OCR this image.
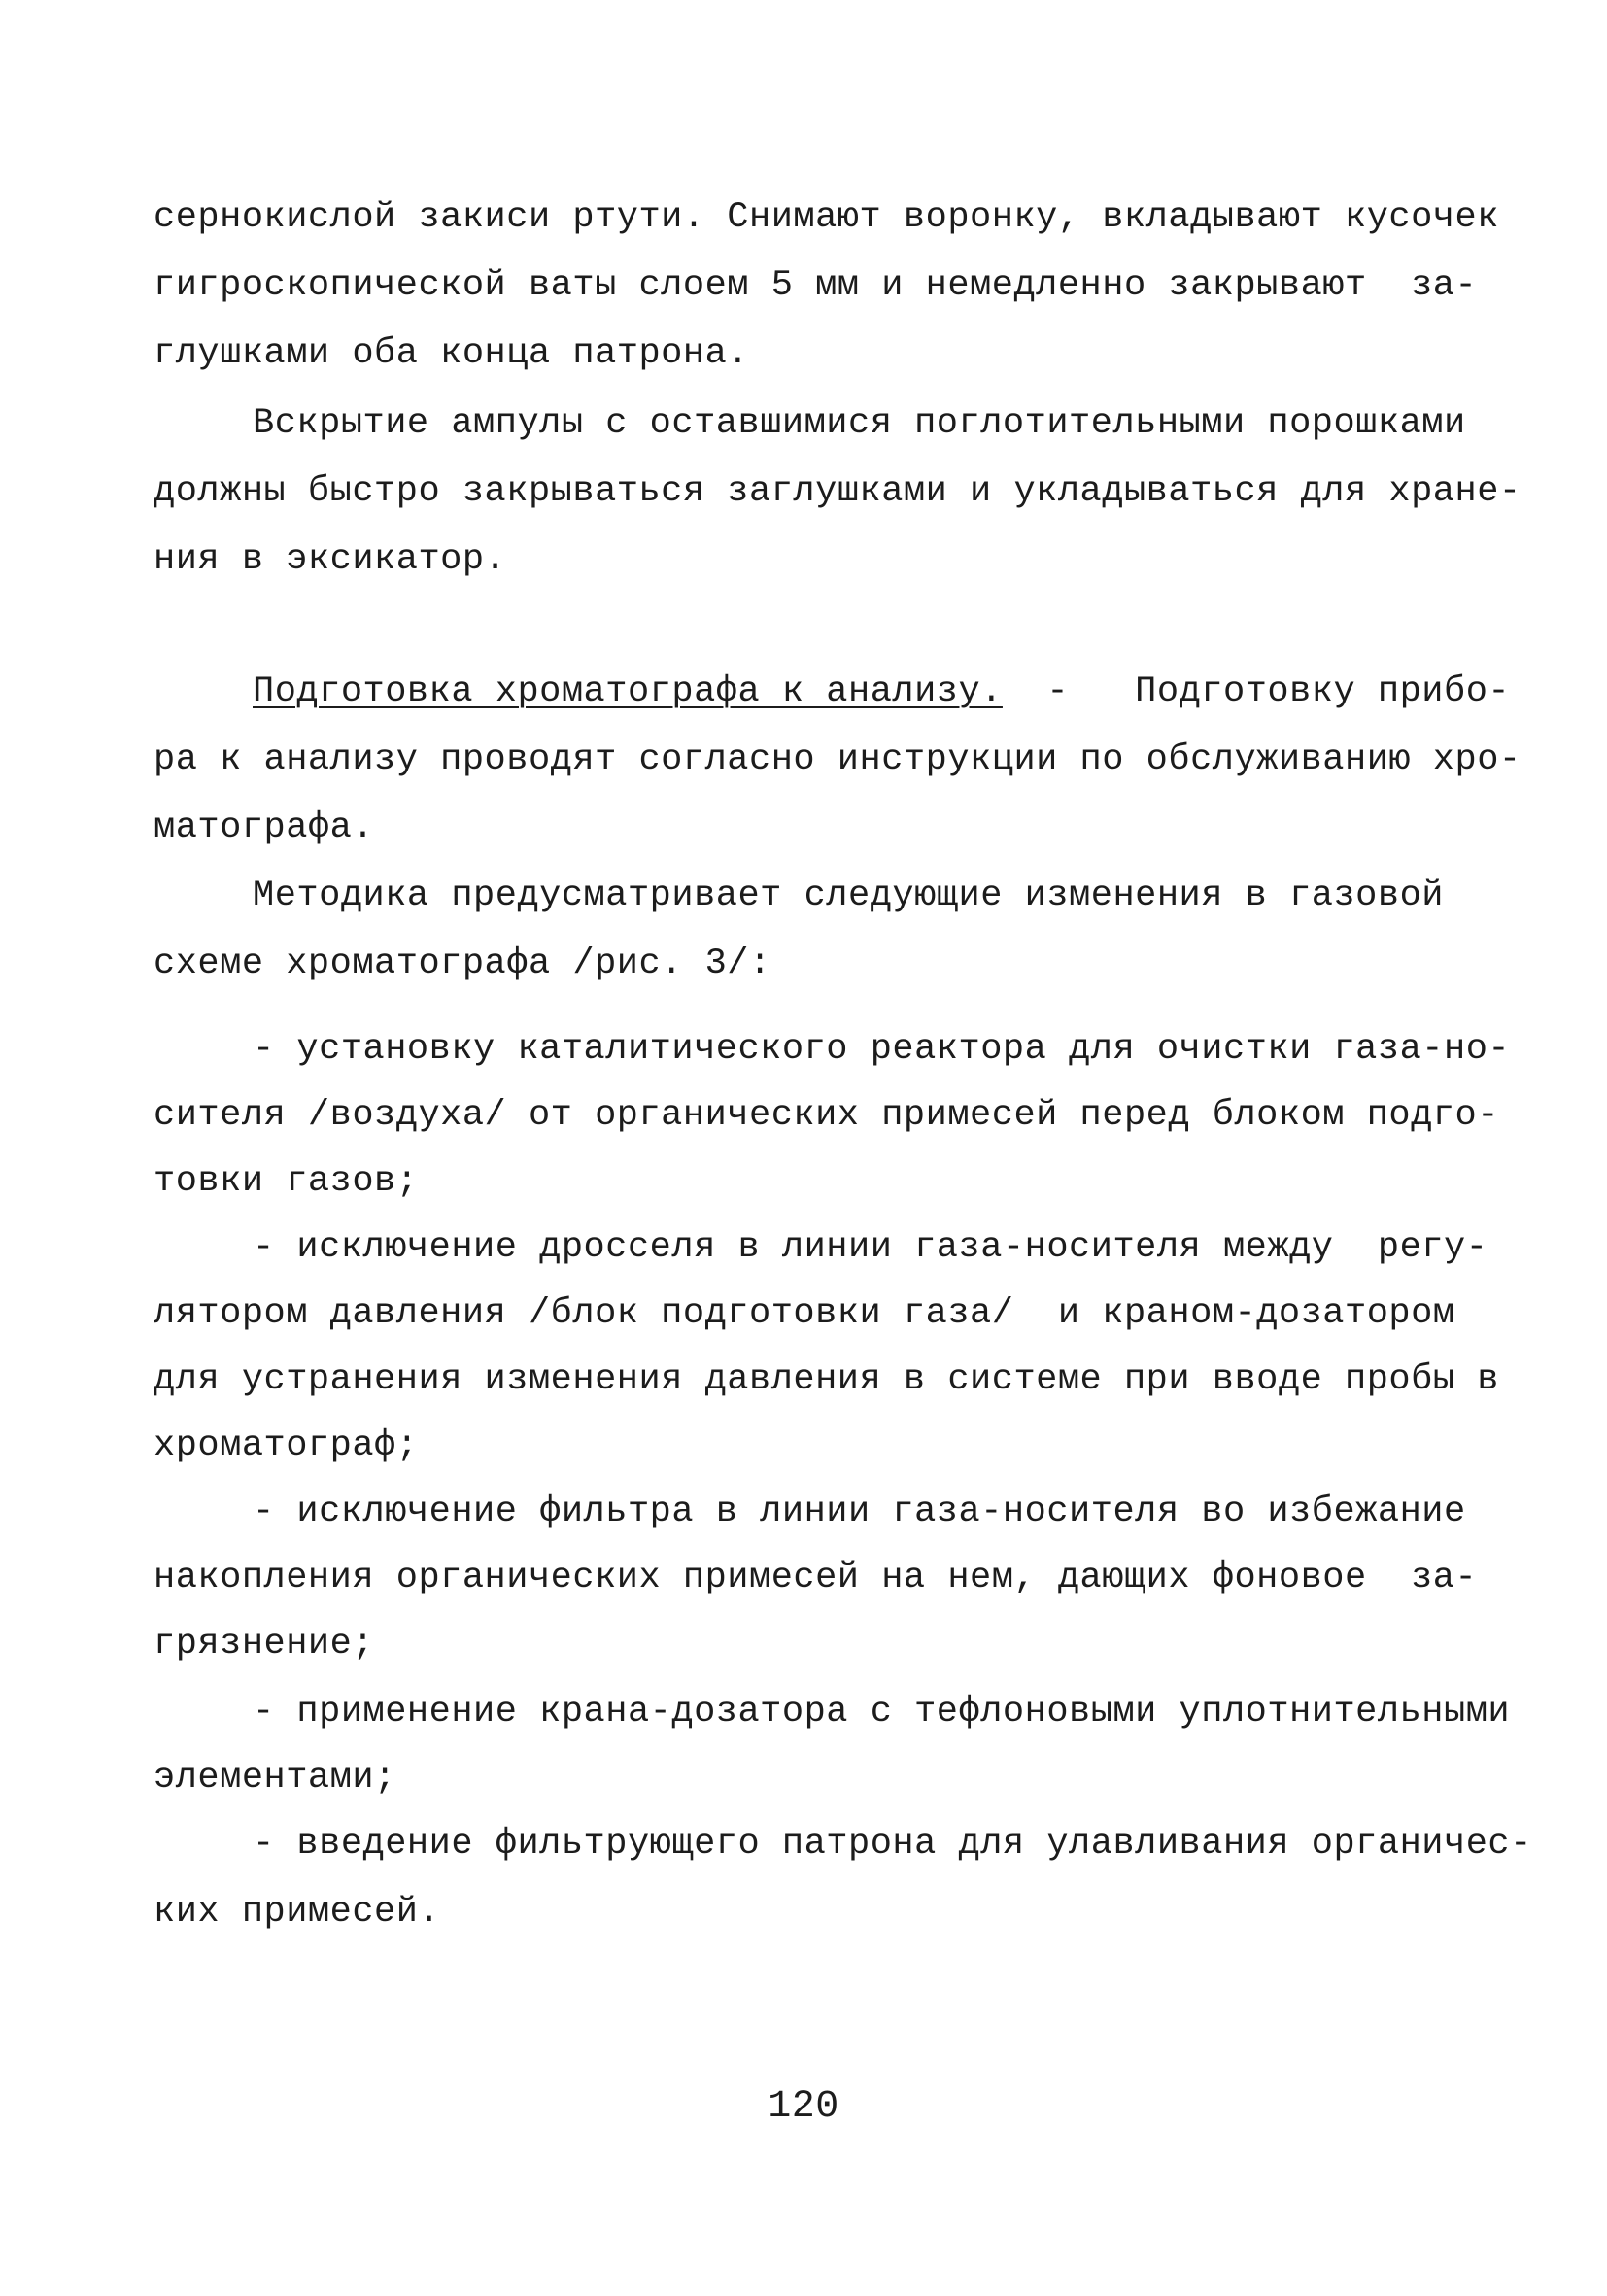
сернокислой закиси ртути. Снимают воронку, вкладывают кусочек
гигроскопической ваты слоем 5 мм и немедленно закрывают  за-
глушками оба конца патрона.
Вскрытие ампулы с оставшимися поглотительными порошками
должны быстро закрываться заглушками и укладываться для хране-
ния в эксикатор.
Подготовка хроматографа к анализу.  -   Подготовку прибо-
ра к анализу проводят согласно инструкции по обслуживанию хро-
матографа.
Методика предусматривает следующие изменения в газовой
схеме хроматографа /рис. 3/:
- установку каталитического реактора для очистки газа-но-
сителя /воздуха/ от органических примесей перед блоком подго-
товки газов;
- исключение дросселя в линии газа-носителя между  регу-
лятором давления /блок подготовки газа/  и краном-дозатором
для устранения изменения давления в системе при вводе пробы в
хроматограф;
- исключение фильтра в линии газа-носителя во избежание
накопления органических примесей на нем, дающих фоновое  за-
грязнение;
- применение крана-дозатора с тефлоновыми уплотнительными
элементами;
- введение фильтрующего патрона для улавливания органичес-
ких примесей.
120
